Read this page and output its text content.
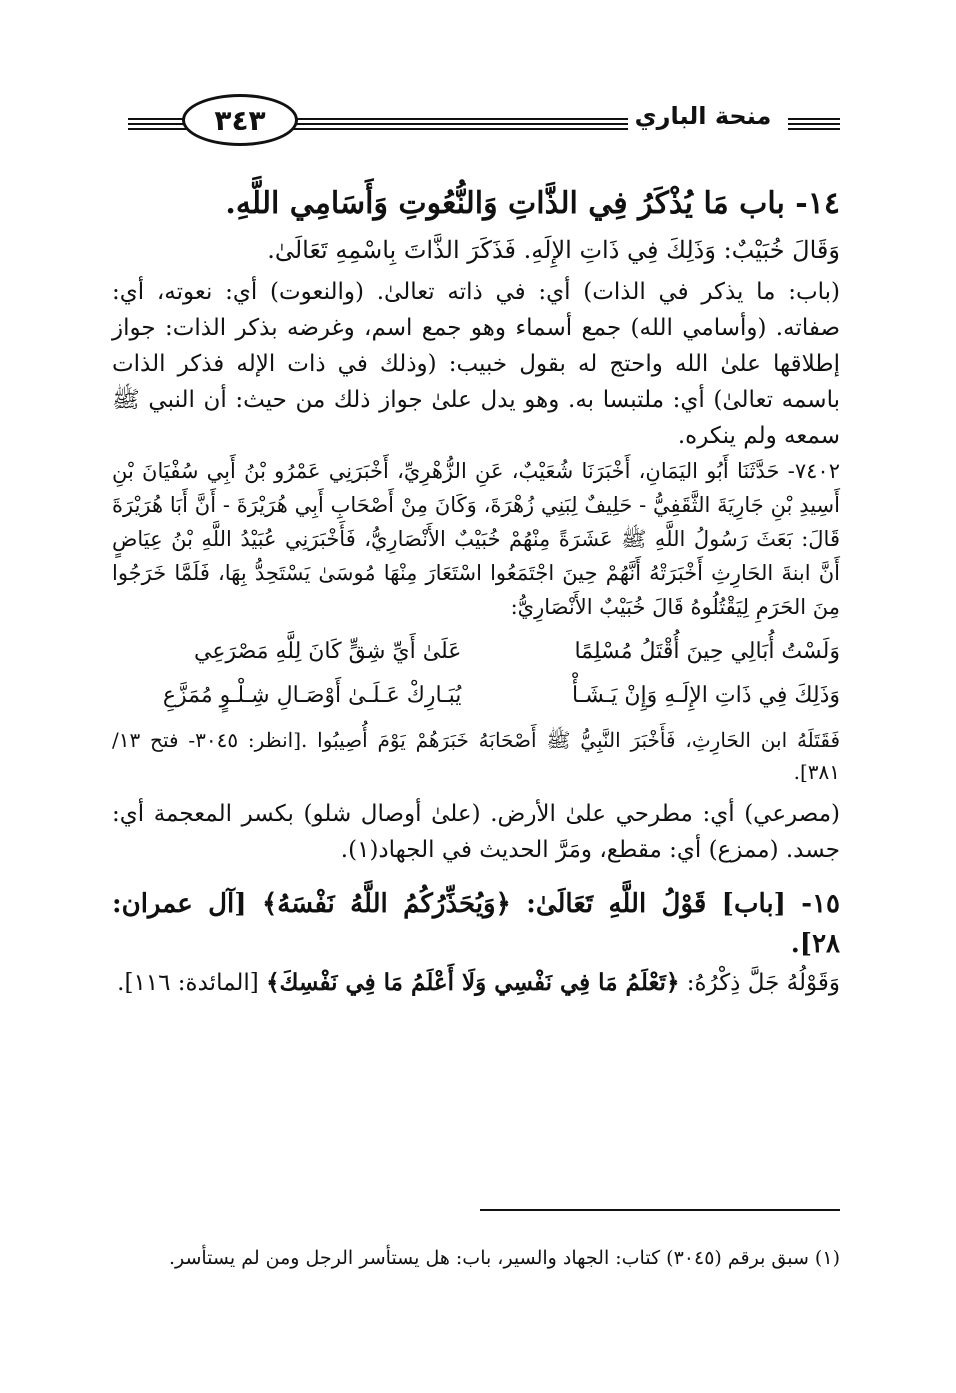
٣٤٣	منحة الباري

١٤- باب مَا يُذْكَرُ فِي الذَّاتِ وَالنُّعُوتِ وَأَسَامِي اللَّهِ.

وَقَالَ خُبَيْبٌ: وَذَلِكَ فِي ذَاتِ الإِلَهِ. فَذَكَرَ الذَّاتَ بِاسْمِهِ تَعَالَىٰ.

(باب: ما يذكر في الذات) أي: في ذاته تعالىٰ. (والنعوت) أي: نعوته، أي: صفاته. (وأسامي الله) جمع أسماء وهو جمع اسم، وغرضه بذكر الذات: جواز إطلاقها علىٰ الله واحتج له بقول خبيب: (وذلك في ذات الإله فذكر الذات باسمه تعالىٰ) أي: ملتبسا به. وهو يدل علىٰ جواز ذلك من حيث: أن النبي ﷺ سمعه ولم ينكره.

٧٤٠٢- حَدَّثَنَا أَبُو اليَمَانِ، أَخْبَرَنَا شُعَيْبٌ، عَنِ الزُّهْرِيِّ، أَخْبَرَنِي عَمْرُو بْنُ أَبِي سُفْيَانَ بْنِ أَسِيدِ بْنِ جَارِيَةَ الثَّقَفِيُّ - حَلِيفٌ لِبَنِي زُهْرَةَ، وَكَانَ مِنْ أَصْحَابِ أَبِي هُرَيْرَةَ - أَنَّ أَبَا هُرَيْرَةَ قَالَ: بَعَثَ رَسُولُ اللَّهِ ﷺ عَشَرَةً مِنْهُمْ خُبَيْبٌ الأَنْصَارِيُّ، فَأَخْبَرَنِي عُبَيْدُ اللَّهِ بْنُ عِيَاضٍ أَنَّ ابنةَ الحَارِثِ أَخْبَرَتْهُ أَنَّهُمْ حِينَ اجْتَمَعُوا اسْتَعَارَ مِنْهَا مُوسَىٰ يَسْتَحِدُّ بِهَا، فَلَمَّا خَرَجُوا مِنَ الحَرَمِ لِيَقْتُلُوهُ قَالَ خُبَيْبٌ الأَنْصَارِيُّ:

وَلَسْتُ أُبَالِي حِينَ أُقْتَلُ مُسْلِمًا
عَلَىٰ أَيِّ شِقٍّ كَانَ لِلَّهِ مَصْرَعِي
وَذَلِكَ فِي ذَاتِ الإِلَـهِ وَإِنْ يَـشَـأْ
يُبَـارِكْ عَـلَـىٰ أَوْصَـالِ شِـلْـوٍ مُمَزَّعِ

فَقَتَلَهُ ابن الحَارِثِ، فَأَخْبَرَ النَّبِيُّ ﷺ أَصْحَابَهُ خَبَرَهُمْ يَوْمَ أُصِيبُوا .[انظر: ٣٠٤٥- فتح ١٣/ ٣٨١].

(مصرعي) أي: مطرحي علىٰ الأرض. (علىٰ أوصال شلو) بكسر المعجمة أي: جسد. (ممزع) أي: مقطع، ومَرَّ الحديث في الجهاد(١).

١٥- [باب] قَوْلُ اللَّهِ تَعَالَىٰ: ﴿وَيُحَذِّرُكُمُ اللَّهُ نَفْسَهُ﴾ [آل عمران: ٢٨].

وَقَوْلُهُ جَلَّ ذِكْرُهُ: ﴿تَعْلَمُ مَا فِي نَفْسِي وَلَا أَعْلَمُ مَا فِي نَفْسِكَ﴾ [المائدة: ١١٦].

(١) سبق برقم (٣٠٤٥) كتاب: الجهاد والسير، باب: هل يستأسر الرجل ومن لم يستأسر.
